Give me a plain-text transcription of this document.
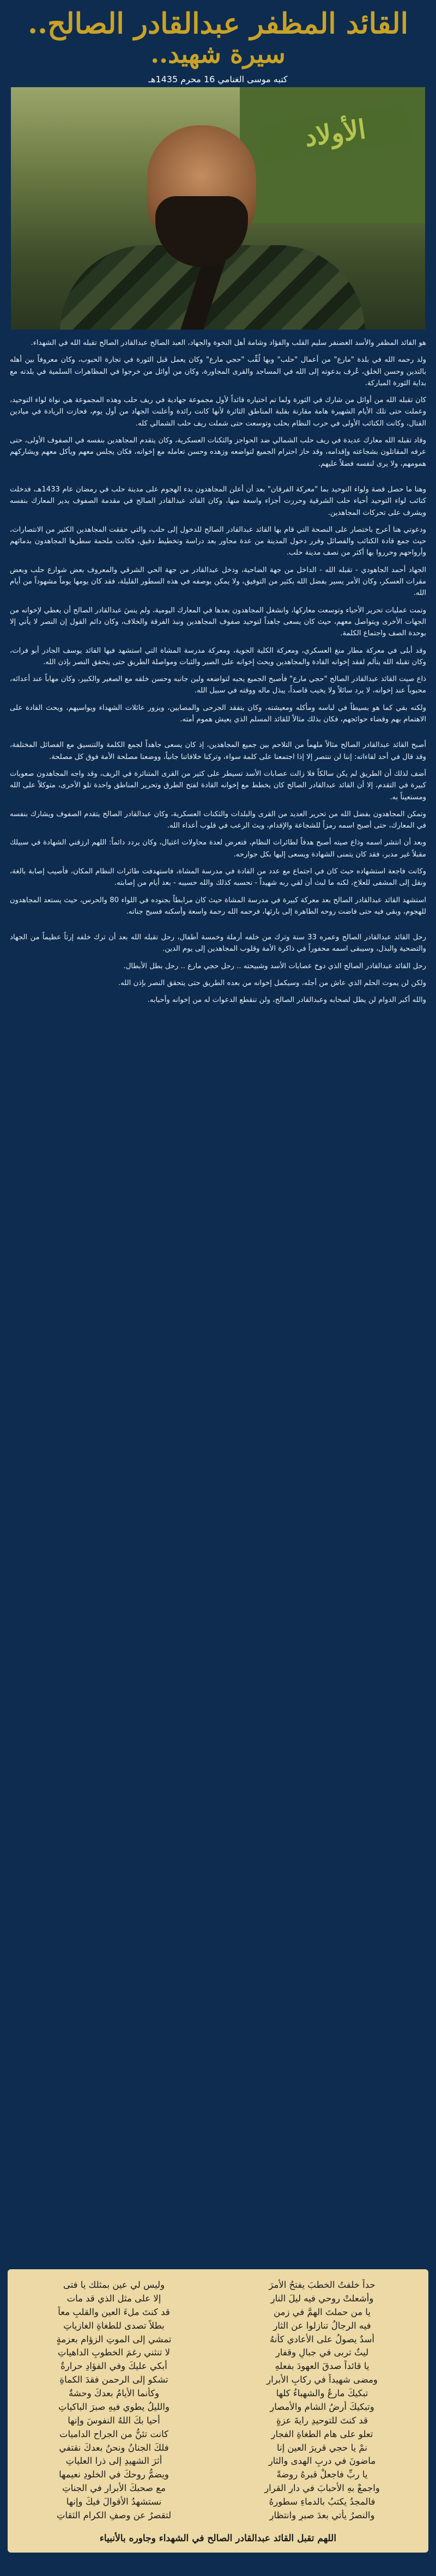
القائد المظفر عبدالقادر الصالح..
سيرة شهيد..
كتبه موسى الغنامي 16 محرم 1435هـ
الأولاد

هو القائد المظفر والأسد الغضنفر سليم القلب والفؤاد وشامة أهل النخوة والجهاد، العبد الصالح عبدالقادر الصالح تقبله الله في الشهداء.

ولد رحمه الله في بلدة "مارع" من أعمال "حلب" وبها لُقِّب "حجي مارع" وكان يعمل قبل الثورة في تجارة الحبوب، وكان معروفاً بين أهله بالتدين وحسن الخلق، عُرف بدعوته إلى الله في المساجد والقرى المجاورة، وكان من أوائل من خرجوا في المظاهرات السلمية في بلدته مع بداية الثورة المباركة.

كان تقبله الله من أوائل من شارك في الثورة ولما تم اختياره قائداً لأول مجموعة جهادية في ريف حلب وهذه المجموعة هي نواة لواء التوحيد، وعملت حتى تلك الأيام الشهيرة هامة مقارنة بقلبة المناطق الثائرة لأنها كانت رائدة وأعلنت الجهاد من أول يوم، فحازت الريادة في ميادين القتال، وكانت الكتائب الأولى في حرب النظام بحلب وتوسعت حتى شملت ريف حلب الشمالي كله.

وقاد تقبله الله معارك عديدة في ريف حلب الشمالي ضد الحواجز والثكنات العسكرية، وكان يتقدم المجاهدين بنفسه في الصفوف الأولى، حتى عرفه المقاتلون بشجاعته وإقدامه، وقد حاز احترام الجميع لتواضعه وزهده وحسن تعامله مع إخوانه، فكان يجلس معهم ويأكل معهم ويشاركهم همومهم، ولا يرى لنفسه فضلاً عليهم.

وهنا ما حصل قصة ولواء التوحيد بما "معركة الفرقان" بعد أن أعلن المجاهدون بدء الهجوم على مدينة حلب في رمضان عام 1433هـ، فدخلت كتائب لواء التوحيد أحياء حلب الشرقية وحررت أجزاء واسعة منها، وكان القائد عبدالقادر الصالح في مقدمة الصفوف يدير المعارك بنفسه ويشرف على تحركات المجاهدين.

ودعوتي هنا أعرج باختصار على النصحة التي قام بها القائد عبدالقادر الصالح للدخول إلى حلب، والتي حققت المجاهدين الكثير من الانتصارات، حيث جمع قادة الكتائب والفصائل وقرر دخول المدينة من عدة محاور بعد دراسة وتخطيط دقيق، فكانت ملحمة سطرها المجاهدون بدمائهم وأرواحهم وحرروا بها أكثر من نصف مدينة حلب.

الجهاد أحمد الجاهودي - تقبله الله - الداخل من جهة الضاحية، ودخل عبدالقادر من جهة الحي الشرقي والمعروف بعض شوارع حلب وبعض مقرات العسكر، وكان الأمر يسير بفضل الله بكثير من التوفيق، ولا يمكن بوصفه في هذه السطور القليلة، فقد كان يومها يوماً مشهوداً من أيام الله.

وتمت عمليات تحرير الأحياء وتوسعت معاركها، وانشغل المجاهدون بعدها في المعارك اليومية، ولم ينسَ عبدالقادر الصالح أن يعطي لإخوانه من الجهات الأخرى ويتواصل معهم، حيث كان يسعى جاهداً لتوحيد صفوف المجاهدين ونبذ الفرقة والخلاف، وكان دائم القول إن النصر لا يأتي إلا بوحدة الصف واجتماع الكلمة.

وقد أبلى في معركة مطار منغ العسكري، ومعركة الكلية الجوية، ومعركة مدرسة المشاة التي استشهد فيها القائد يوسف الجادر أبو فرات، وكان تقبله الله يتألم لفقد إخوانه القادة والمجاهدين ويحث إخوانه على الصبر والثبات ومواصلة الطريق حتى يتحقق النصر بإذن الله.

ذاع صيت القائد عبدالقادر الصالح "حجي مارع" فأصبح الجميع يحبه لتواضعه ولين جانبه وحسن خلقه مع الصغير والكبير، وكان مهاباً عند أعدائه، محبوباً عند إخوانه، لا يرد سائلاً ولا يخيب قاصداً، يبذل ماله ووقته في سبيل الله.

ولكنه بقي كما هو بسيطاً في لباسه ومأكله ومعيشته، وكان يتفقد الجرحى والمصابين، ويزور عائلات الشهداء ويواسيهم، ويحث القادة على الاهتمام بهم وقضاء حوائجهم، فكان بذلك مثالاً للقائد المسلم الذي يعيش هموم أمته.

أصبح القائد عبدالقادر الصالح مثالاً ملهماً من التلاحم بين جميع المجاهدين، إذ كان يسعى جاهداً لجمع الكلمة والتنسيق مع الفصائل المختلفة، وقد قال في أحد لقاءاته: إننا لن ننتصر إلا إذا اجتمعنا على كلمة سواء، وتركنا خلافاتنا جانباً، ووضعنا مصلحة الأمة فوق كل مصلحة.

أضف لذلك أن الطريق لم يكن سالكاً فلا زالت عصابات الأسد تسيطر على كثير من القرى المتناثرة في الريف، وقد واجه المجاهدون صعوبات كبيرة في التقدم، إلا أن القائد عبدالقادر الصالح كان يخطط مع إخوانه القادة لفتح الطرق وتحرير المناطق واحدة تلو الأخرى، متوكلاً على الله ومستعيناً به.

وتمكن المجاهدون بفضل الله من تحرير العديد من القرى والبلدات والثكنات العسكرية، وكان عبدالقادر الصالح يتقدم الصفوف ويشارك بنفسه في المعارك، حتى أصبح اسمه رمزاً للشجاعة والإقدام، وبث الرعب في قلوب أعداء الله.

وبعد أن انتشر اسمه وذاع صيته أصبح هدفاً لطائرات النظام، فتعرض لعدة محاولات اغتيال، وكان يردد دائماً: اللهم ارزقني الشهادة في سبيلك مقبلاً غير مدبر، فقد كان يتمنى الشهادة ويسعى إليها بكل جوارحه.

وكانت فاجعة استشهاده حيث كان في اجتماع مع عدد من القادة في مدرسة المشاة، فاستهدفت طائرات النظام المكان، فأصيب إصابة بالغة، ونقل إلى المشفى للعلاج، لكنه ما لبث أن لقي ربه شهيداً - نحسبه كذلك والله حسيبه - بعد أيام من إصابته.

استشهد القائد عبدالقادر الصالح بعد معركة كبيرة في مدرسة المشاة حيث كان مرابطاً بجنوده في اللواء 80 والحرس، حيث يستعد المجاهدون للهجوم، وبقي فيه حتى فاضت روحه الطاهرة إلى بارئها، فرحمه الله رحمة واسعة وأسكنه فسيح جناته.

رحل القائد عبدالقادر الصالح وعمره 33 سنة وترك من خلفه أرملة وخمسة أطفال، رحل تقبله الله بعد أن ترك خلفه إرثاً عظيماً من الجهاد والتضحية والبذل، وسيبقى اسمه محفوراً في ذاكرة الأمة وقلوب المجاهدين إلى يوم الدين.

رحل القائد عبدالقادر الصالح الذي دوخ عصابات الأسد وشبيحته .. رحل حجي مارع .. رحل بطل الأبطال.

ولكن لن يموت الحلم الذي عاش من أجله، وسيكمل إخوانه من بعده الطريق حتى يتحقق النصر بإذن الله.

والله أكبر الدوام لن يظل لصحابه وعبدالقادر الصالح، ولن تنقطع الدعوات له من إخوانه وأحبابه.

حداً خلفتُ الخطبَ يفتحُ الأمرَ
وأشعلتْ روحي فيه ليلَ النارِ
يا من حملتَ الهمَّ في زمنٍ
فيه الرجالُ تنازلوا عن الثارِ
أسدٌ يصولُ على الأعادي كأنهُ
ليثٌ تربى في جبالٍ وقفارِ
يا قائداً صدقَ العهودَ بفعلهِ
ومضى شهيداً في ركابِ الأبرارِ
تبكيكَ مارعُ والشهباءُ كلها
وتبكيكَ أرضُ الشامِ والأمصارِ
قد كنتَ للتوحيدِ رايةَ عزةٍ
تعلو على هامِ الطغاةِ الفجارِ
نمْ يا حجي قريرَ العينِ إنا
ماضونَ في دربِ الهدى والثارِ
يا ربِّ فاجعلْ قبرهُ روضةً
واجمعْ بهِ الأحبابَ في دارِ القرارِ
فالمجدُ يكتبُ بالدماءِ سطورهُ
والنصرُ يأتي بعدَ صبرٍ وانتظارِ
وليس لي عين بمثلك يا فتى
إلا على مثل الذي قد مات
قد كنتَ ملءَ العينِ والقلبِ معاً
بطلاً تصدى للطغاةِ الغازياتِ
تمشي إلى الموتِ الزؤامِ بعزمةٍ
لا تنثني رغمَ الخطوبِ الداهياتِ
أبكي عليكَ وفي الفؤادِ حرارةٌ
تشكو إلى الرحمنِ فقدَ الكماةِ
وكأنما الأيامُ بعدكَ وحشةٌ
والليلُ يطوي فيهِ صبرَ الباكياتِ
أحيا بكَ اللهُ النفوسَ وإنها
كانت تئنُّ من الجراحِ الداميات
فلكَ الجنانُ ونحنُ بعدكَ نقتفي
أثرَ الشهيدِ إلى ذرا العلياتِ
ويضمُّ روحكَ في الخلودِ نعيمها
مع صحبكَ الأبرارِ في الجناتِ
نستشهدُ الأقوالَ فيكَ وإنها
لتقصرُ عن وصفِ الكرامِ الثقاتِ
اللهم تقبل القائد عبدالقادر الصالح في الشهداء وجاوره بالأنبياء
